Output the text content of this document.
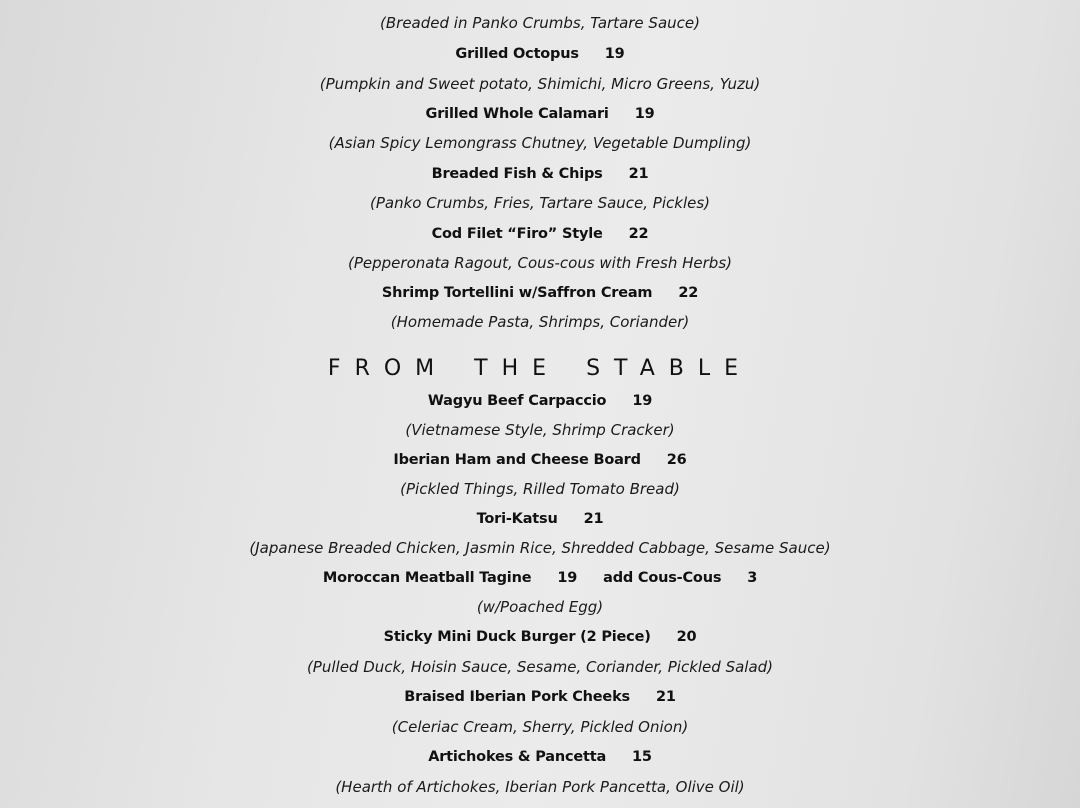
(Breaded in Panko Crumbs, Tartare Sauce)
Grilled Octopus 19
(Pumpkin and Sweet potato, Shimichi, Micro Greens, Yuzu)
Grilled Whole Calamari 19
(Asian Spicy Lemongrass Chutney, Vegetable Dumpling)
Breaded Fish & Chips 21
(Panko Crumbs, Fries, Tartare Sauce, Pickles)
Cod Filet “Firo” Style 22
(Pepperonata Ragout, Cous-cous with Fresh Herbs)
Shrimp Tortellini w/Saffron Cream 22
(Homemade Pasta, Shrimps, Coriander)
FROM THE STABLE
Wagyu Beef Carpaccio 19
(Vietnamese Style, Shrimp Cracker)
Iberian Ham and Cheese Board 26
(Pickled Things, Rilled Tomato Bread)
Tori-Katsu 21
(Japanese Breaded Chicken, Jasmin Rice, Shredded Cabbage, Sesame Sauce)
Moroccan Meatball Tagine 19 add Cous-Cous 3
(w/Poached Egg)
Sticky Mini Duck Burger (2 Piece) 20
(Pulled Duck, Hoisin Sauce, Sesame, Coriander, Pickled Salad)
Braised Iberian Pork Cheeks 21
(Celeriac Cream, Sherry, Pickled Onion)
Artichokes & Pancetta 15
(Hearth of Artichokes, Iberian Pork Pancetta, Olive Oil)
